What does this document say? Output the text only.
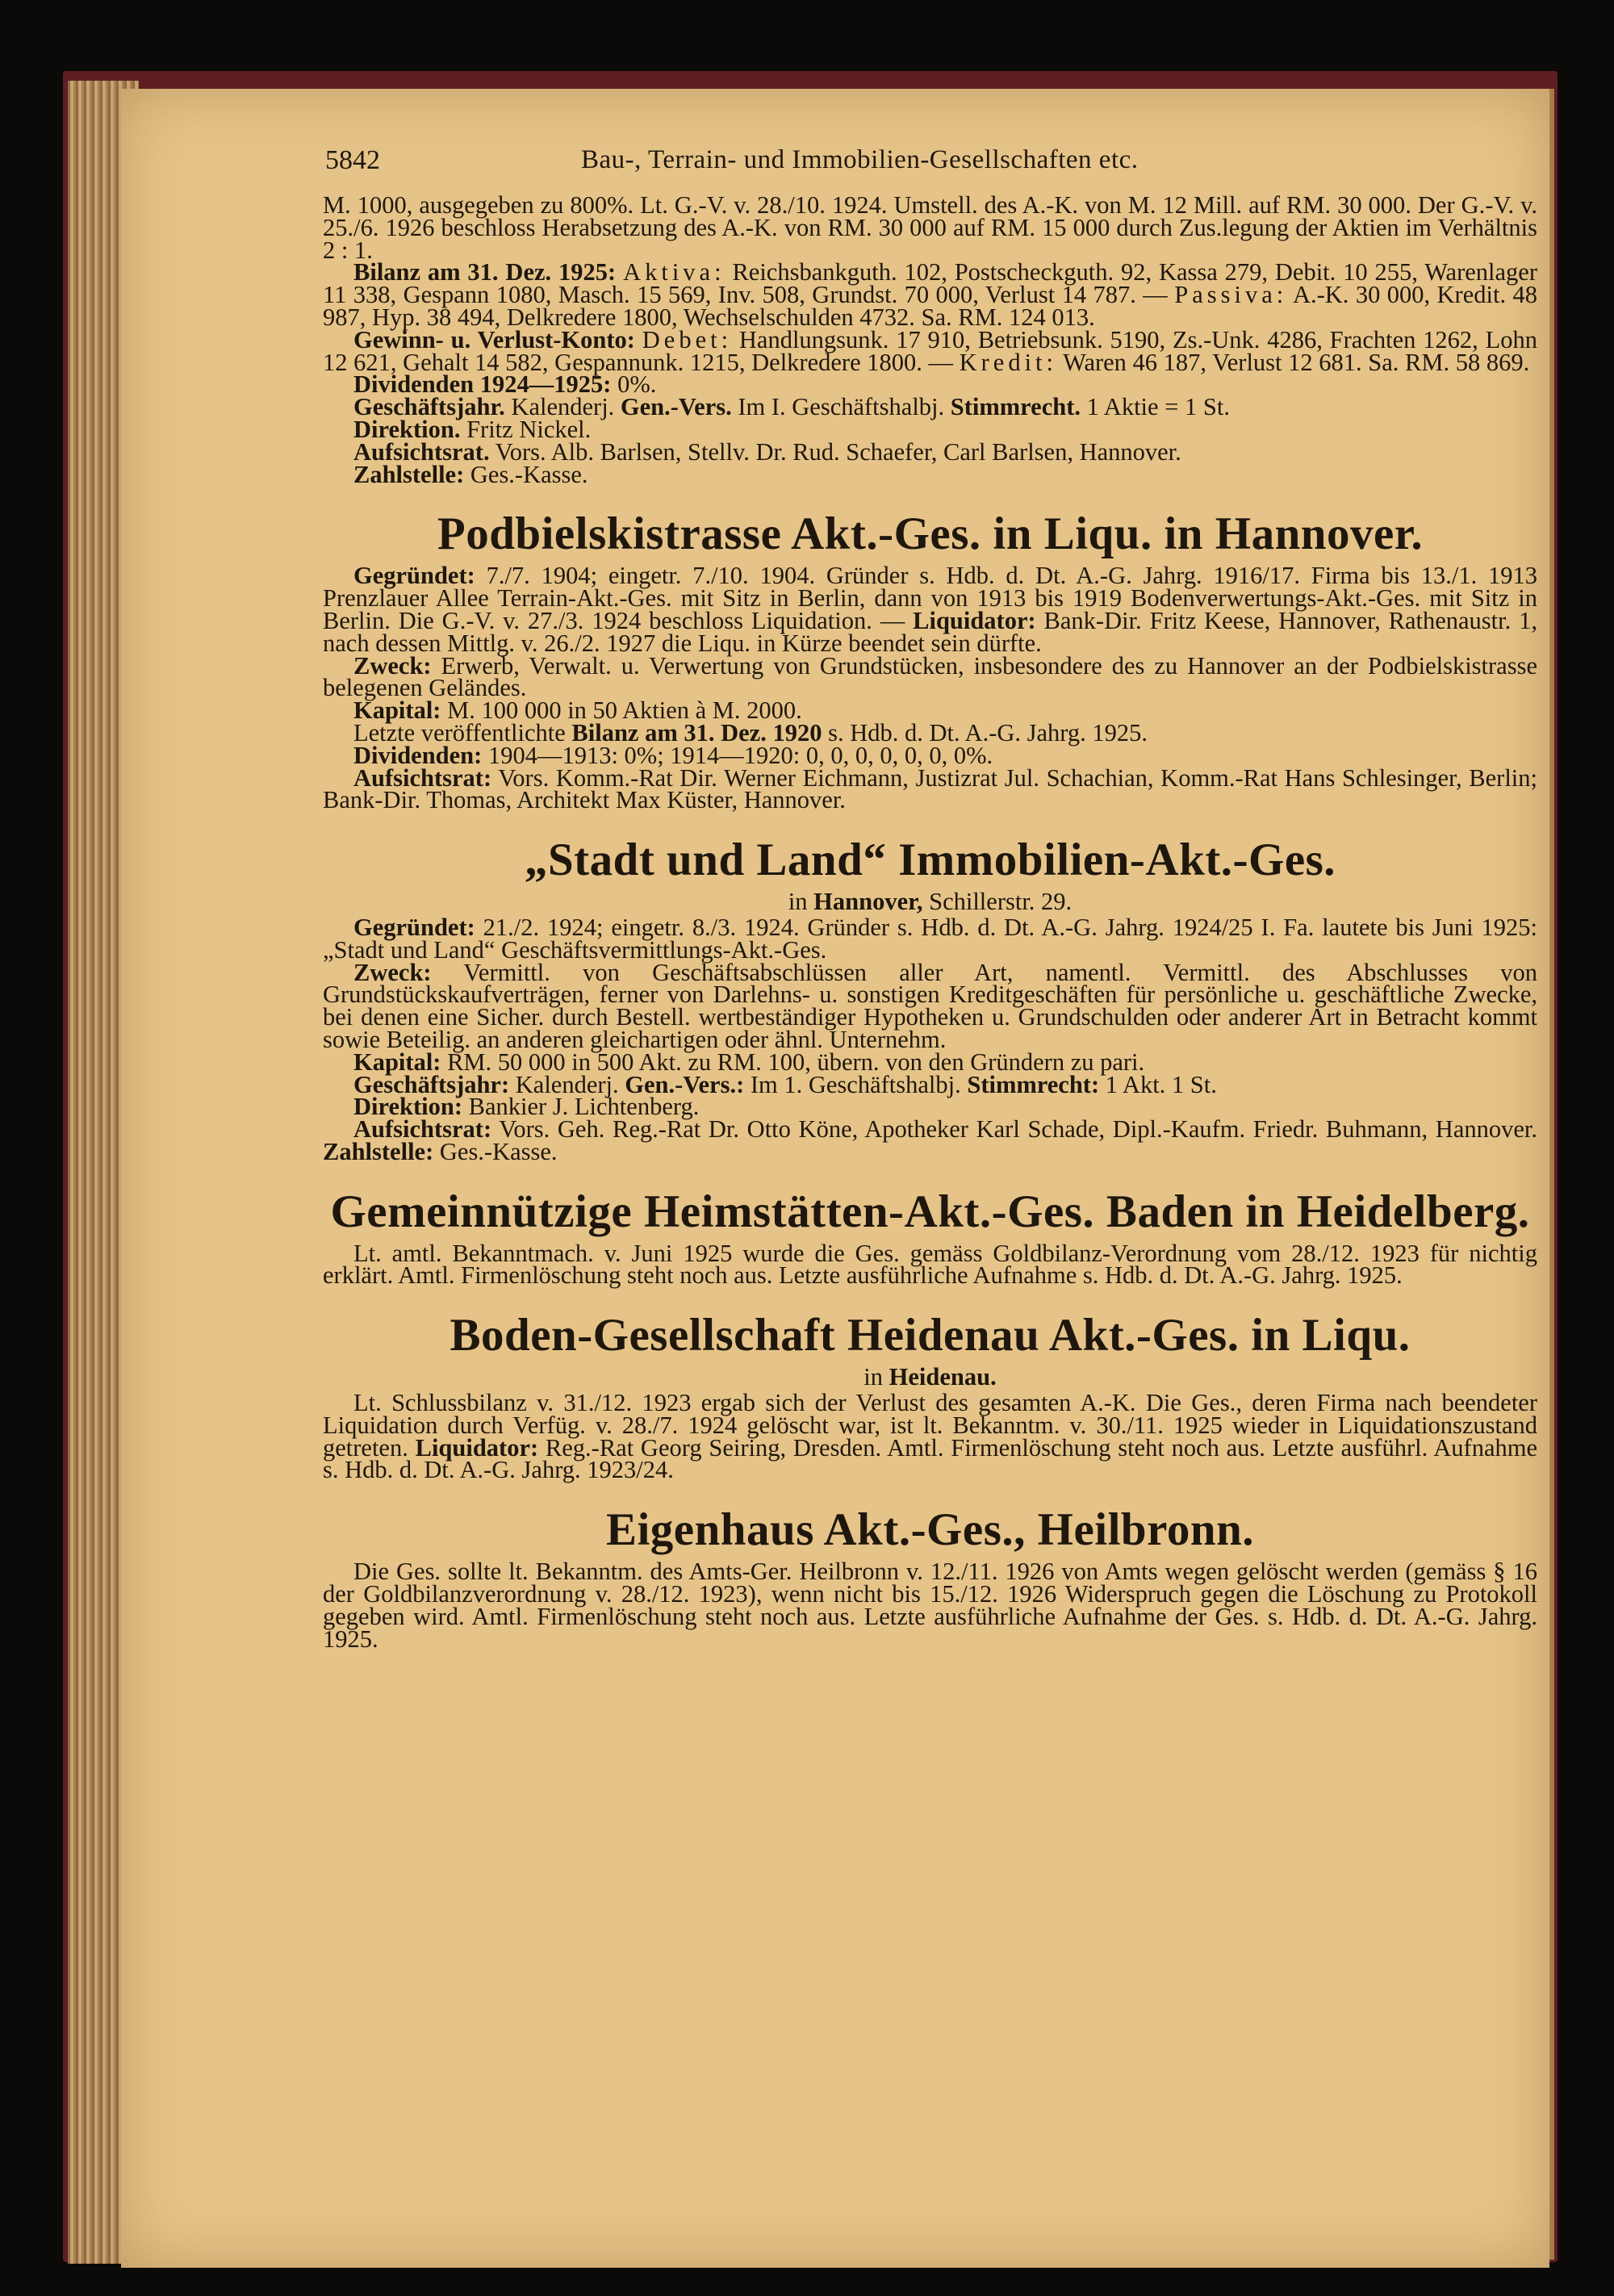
5842	Bau-, Terrain- und Immobilien-Gesellschaften etc.

M. 1000, ausgegeben zu 800%. Lt. G.-V. v. 28./10. 1924. Umstell. des A.-K. von M. 12 Mill. auf RM. 30 000. Der G.-V. v. 25./6. 1926 beschloss Herabsetzung des A.-K. von RM. 30 000 auf RM. 15 000 durch Zus.legung der Aktien im Verhältnis 2 : 1.

Bilanz am 31. Dez. 1925: Aktiva: Reichsbankguth. 102, Postscheckguth. 92, Kassa 279, Debit. 10 255, Warenlager 11 338, Gespann 1080, Masch. 15 569, Inv. 508, Grundst. 70 000, Verlust 14 787. — Passiva: A.-K. 30 000, Kredit. 48 987, Hyp. 38 494, Delkredere 1800, Wechselschulden 4732. Sa. RM. 124 013.

Gewinn- u. Verlust-Konto: Debet: Handlungsunk. 17 910, Betriebsunk. 5190, Zs.-Unk. 4286, Frachten 1262, Lohn 12 621, Gehalt 14 582, Gespannunk. 1215, Delkredere 1800. — Kredit: Waren 46 187, Verlust 12 681. Sa. RM. 58 869.

Dividenden 1924—1925: 0%.

Geschäftsjahr. Kalenderj. Gen.-Vers. Im I. Geschäftshalbj. Stimmrecht. 1 Aktie = 1 St.

Direktion. Fritz Nickel.

Aufsichtsrat. Vors. Alb. Barlsen, Stellv. Dr. Rud. Schaefer, Carl Barlsen, Hannover.

Zahlstelle: Ges.-Kasse.

Podbielskistrasse Akt.-Ges. in Liqu. in Hannover.

Gegründet: 7./7. 1904; eingetr. 7./10. 1904. Gründer s. Hdb. d. Dt. A.-G. Jahrg. 1916/17. Firma bis 13./1. 1913 Prenzlauer Allee Terrain-Akt.-Ges. mit Sitz in Berlin, dann von 1913 bis 1919 Bodenverwertungs-Akt.-Ges. mit Sitz in Berlin. Die G.-V. v. 27./3. 1924 beschloss Liquidation. — Liquidator: Bank-Dir. Fritz Keese, Hannover, Rathenaustr. 1, nach dessen Mittlg. v. 26./2. 1927 die Liqu. in Kürze beendet sein dürfte.

Zweck: Erwerb, Verwalt. u. Verwertung von Grundstücken, insbesondere des zu Hannover an der Podbielskistrasse belegenen Geländes.

Kapital: M. 100 000 in 50 Aktien à M. 2000.

Letzte veröffentlichte Bilanz am 31. Dez. 1920 s. Hdb. d. Dt. A.-G. Jahrg. 1925.

Dividenden: 1904—1913: 0%; 1914—1920: 0, 0, 0, 0, 0, 0, 0%.

Aufsichtsrat: Vors. Komm.-Rat Dir. Werner Eichmann, Justizrat Jul. Schachian, Komm.-Rat Hans Schlesinger, Berlin; Bank-Dir. Thomas, Architekt Max Küster, Hannover.

„Stadt und Land“ Immobilien-Akt.-Ges.

in Hannover, Schillerstr. 29.

Gegründet: 21./2. 1924; eingetr. 8./3. 1924. Gründer s. Hdb. d. Dt. A.-G. Jahrg. 1924/25 I. Fa. lautete bis Juni 1925: „Stadt und Land“ Geschäftsvermittlungs-Akt.-Ges.

Zweck: Vermittl. von Geschäftsabschlüssen aller Art, namentl. Vermittl. des Abschlusses von Grundstückskaufverträgen, ferner von Darlehns- u. sonstigen Kreditgeschäften für persönliche u. geschäftliche Zwecke, bei denen eine Sicher. durch Bestell. wertbeständiger Hypotheken u. Grundschulden oder anderer Art in Betracht kommt sowie Beteilig. an anderen gleichartigen oder ähnl. Unternehm.

Kapital: RM. 50 000 in 500 Akt. zu RM. 100, übern. von den Gründern zu pari.

Geschäftsjahr: Kalenderj. Gen.-Vers.: Im 1. Geschäftshalbj. Stimmrecht: 1 Akt. 1 St.

Direktion: Bankier J. Lichtenberg.

Aufsichtsrat: Vors. Geh. Reg.-Rat Dr. Otto Köne, Apotheker Karl Schade, Dipl.-Kaufm. Friedr. Buhmann, Hannover. Zahlstelle: Ges.-Kasse.

Gemeinnützige Heimstätten-Akt.-Ges. Baden in Heidelberg.

Lt. amtl. Bekanntmach. v. Juni 1925 wurde die Ges. gemäss Goldbilanz-Verordnung vom 28./12. 1923 für nichtig erklärt. Amtl. Firmenlöschung steht noch aus. Letzte ausführliche Aufnahme s. Hdb. d. Dt. A.-G. Jahrg. 1925.

Boden-Gesellschaft Heidenau Akt.-Ges. in Liqu.

in Heidenau.

Lt. Schlussbilanz v. 31./12. 1923 ergab sich der Verlust des gesamten A.-K. Die Ges., deren Firma nach beendeter Liquidation durch Verfüg. v. 28./7. 1924 gelöscht war, ist lt. Bekanntm. v. 30./11. 1925 wieder in Liquidationszustand getreten. Liquidator: Reg.-Rat Georg Seiring, Dresden. Amtl. Firmenlöschung steht noch aus. Letzte ausführl. Aufnahme s. Hdb. d. Dt. A.-G. Jahrg. 1923/24.

Eigenhaus Akt.-Ges., Heilbronn.

Die Ges. sollte lt. Bekanntm. des Amts-Ger. Heilbronn v. 12./11. 1926 von Amts wegen gelöscht werden (gemäss § 16 der Goldbilanzverordnung v. 28./12. 1923), wenn nicht bis 15./12. 1926 Widerspruch gegen die Löschung zu Protokoll gegeben wird. Amtl. Firmenlöschung steht noch aus. Letzte ausführliche Aufnahme der Ges. s. Hdb. d. Dt. A.-G. Jahrg. 1925.
